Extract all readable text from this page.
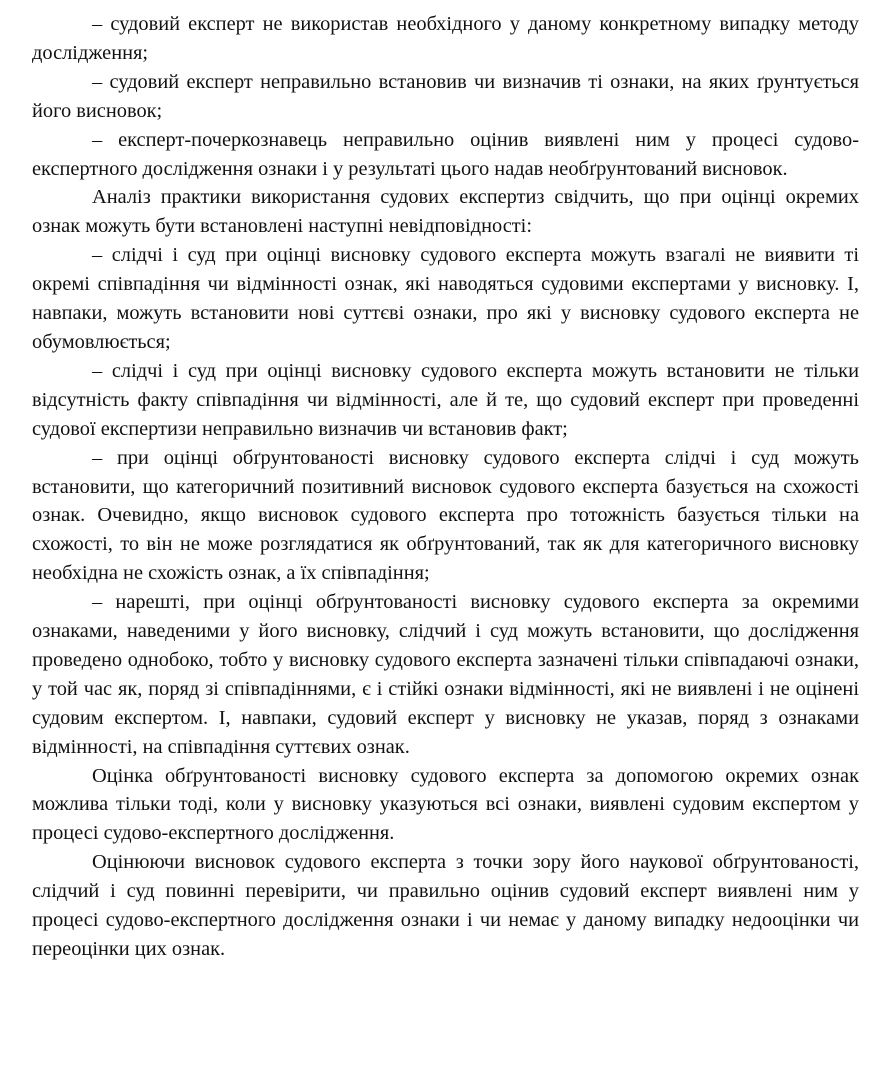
– судовий експерт не використав необхідного у даному конкретному випадку методу дослідження;

– судовий експерт неправильно встановив чи визначив ті ознаки, на яких ґрунтується його висновок;

– експерт-почеркознавець неправильно оцінив виявлені ним у процесі судово-експертного дослідження ознаки і у результаті цього надав необґрунтований висновок.

Аналіз практики використання судових експертиз свідчить, що при оцінці окремих ознак можуть бути встановлені наступні невідповідності:

– слідчі і суд при оцінці висновку судового експерта можуть взагалі не виявити ті окремі співпадіння чи відмінності ознак, які наводяться судовими експертами у висновку. І, навпаки, можуть встановити нові суттєві ознаки, про які у висновку судового експерта не обумовлюється;

– слідчі і суд при оцінці висновку судового експерта можуть встановити не тільки відсутність факту співпадіння чи відмінності, але й те, що судовий експерт при проведенні судової експертизи неправильно визначив чи встановив факт;

– при оцінці обґрунтованості висновку судового експерта слідчі і суд можуть встановити, що категоричний позитивний висновок судового експерта базується на схожості ознак. Очевидно, якщо висновок судового експерта про тотожність базується тільки на схожості, то він не може розглядатися як обґрунтований, так як для категоричного висновку необхідна не схожість ознак, а їх співпадіння;

– нарешті, при оцінці обґрунтованості висновку судового експерта за окремими ознаками, наведеними у його висновку, слідчий і суд можуть встановити, що дослідження проведено однобоко, тобто у висновку судового експерта зазначені тільки співпадаючі ознаки, у той час як, поряд зі співпадіннями, є і стійкі ознаки відмінності, які не виявлені і не оцінені судовим експертом. І, навпаки, судовий експерт у висновку не указав, поряд з ознаками відмінності, на співпадіння суттєвих ознак.

Оцінка обґрунтованості висновку судового експерта за допомогою окремих ознак можлива тільки тоді, коли у висновку указуються всі ознаки, виявлені судовим експертом у процесі судово-експертного дослідження.

Оцінюючи висновок судового експерта з точки зору його наукової обґрунтованості, слідчий і суд повинні перевірити, чи правильно оцінив судовий експерт виявлені ним у процесі судово-експертного дослідження ознаки і чи немає у даному випадку недооцінки чи переоцінки цих ознак.
